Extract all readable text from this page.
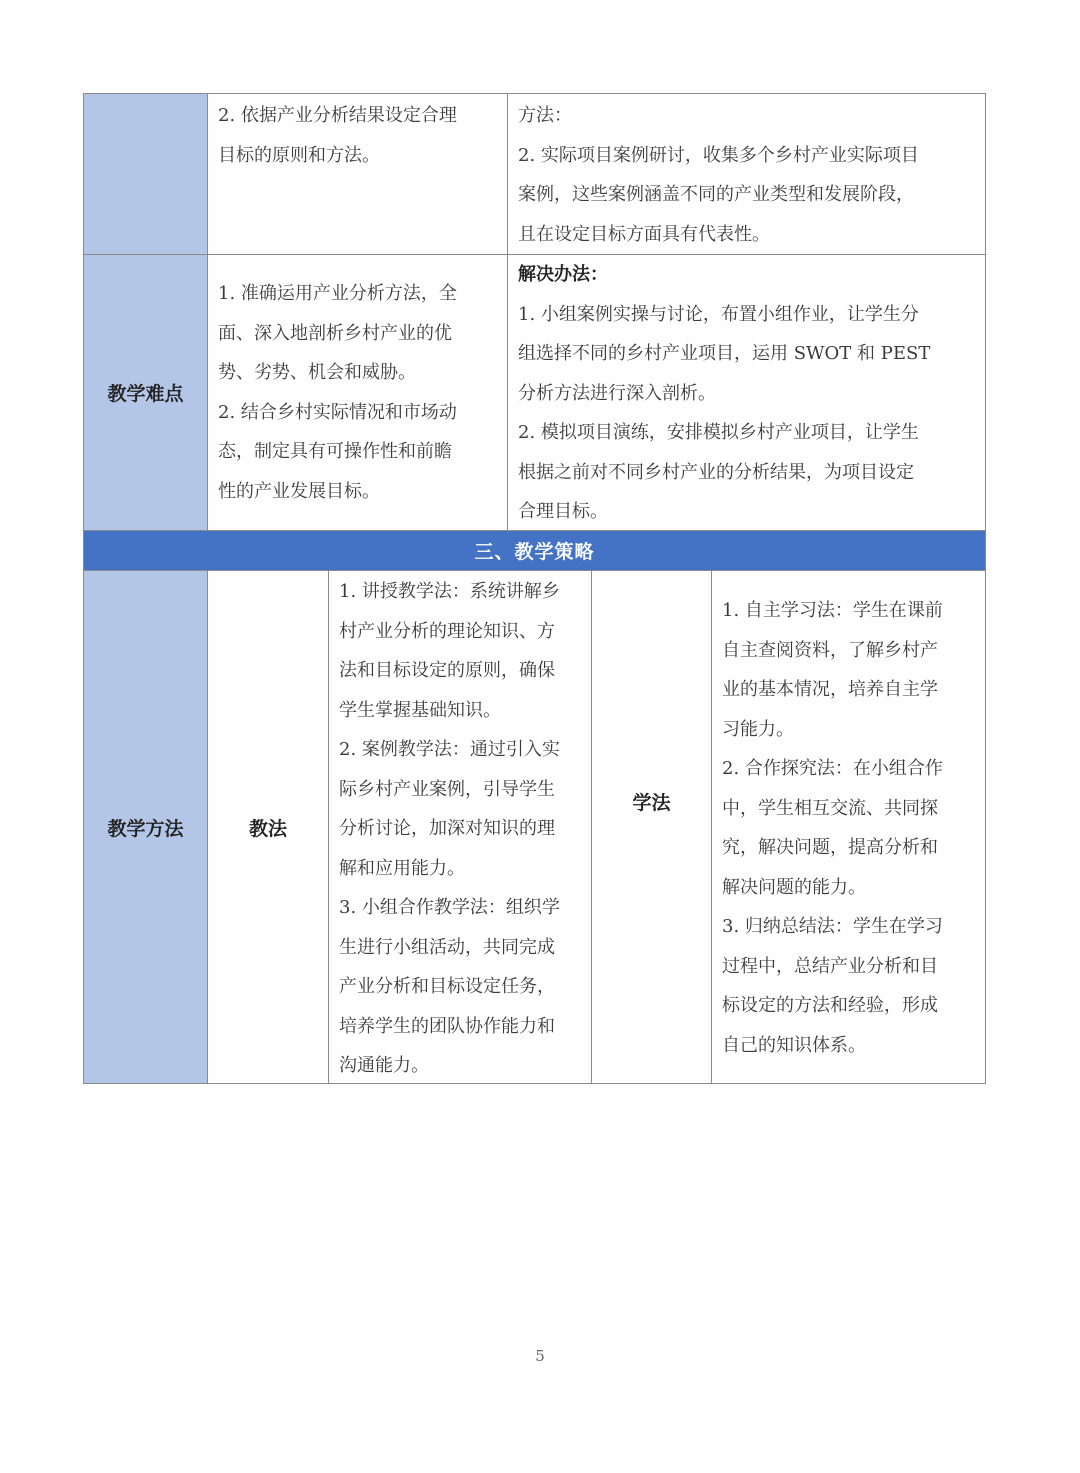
2. 依据产业分析结果设定合理

目标的原则和方法。

方法：

2. 实际项目案例研讨，收集多个乡村产业实际项目

案例，这些案例涵盖不同的产业类型和发展阶段，

且在设定目标方面具有代表性。

教学难点

1. 准确运用产业分析方法，全

面、深入地剖析乡村产业的优

势、劣势、机会和威胁。

2. 结合乡村实际情况和市场动

态，制定具有可操作性和前瞻

性的产业发展目标。

解决办法：

1. 小组案例实操与讨论，布置小组作业，让学生分

组选择不同的乡村产业项目，运用 SWOT 和 PEST

分析方法进行深入剖析。

2. 模拟项目演练，安排模拟乡村产业项目，让学生

根据之前对不同乡村产业的分析结果，为项目设定

合理目标。

三、教学策略
教学方法	教法

1. 讲授教学法：系统讲解乡

村产业分析的理论知识、方

法和目标设定的原则，确保

学生掌握基础知识。

2. 案例教学法：通过引入实

际乡村产业案例，引导学生

分析讨论，加深对知识的理

解和应用能力。

3. 小组合作教学法：组织学

生进行小组活动，共同完成

产业分析和目标设定任务，

培养学生的团队协作能力和

沟通能力。

学法

1. 自主学习法：学生在课前

自主查阅资料，了解乡村产

业的基本情况，培养自主学

习能力。

2. 合作探究法：在小组合作

中，学生相互交流、共同探

究，解决问题，提高分析和

解决问题的能力。

3. 归纳总结法：学生在学习

过程中，总结产业分析和目

标设定的方法和经验，形成

自己的知识体系。

5
